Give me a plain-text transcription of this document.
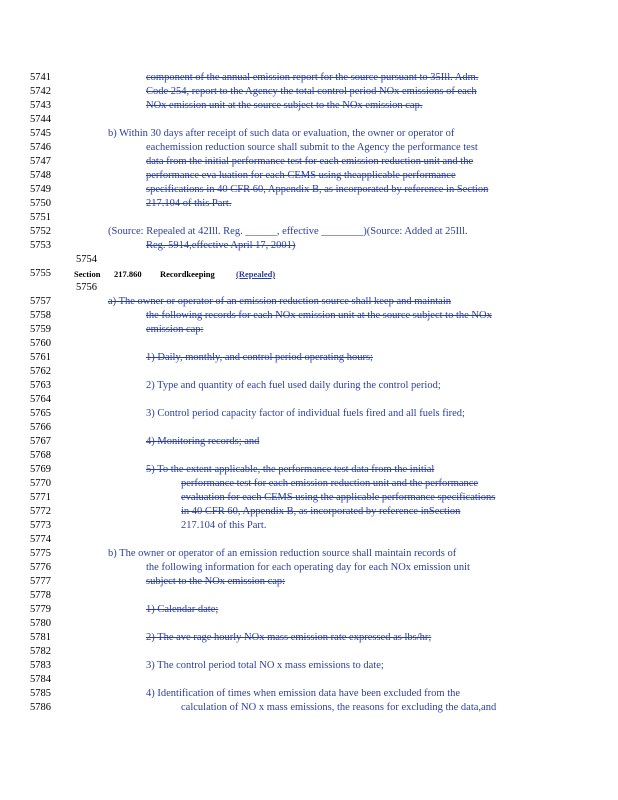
5741	component of the annual emission report for the source pursuant to 35Ill. Adm.
5742	Code 254, report to the Agency the total control period NOx emissions of each
5743	NOx emission unit at the source subject to the NOx emission cap.
5744
5745	b) Within 30 days after receipt of such data or evaluation, the owner or operator of
5746	eachemission reduction source shall submit to the Agency the performance test
5747	data from the initial performance test for each emission reduction unit and the
5748	performance eva luation for each CEMS using theapplicable performance
5749	specifications in 40 CFR 60, Appendix B, as incorporated by reference in Section
5750	217.104 of this Part.
5751
5752	(Source: Repealed at 42Ill. Reg. ______, effective ________)(Source: Added at 25Ill.
5753	Reg. 5914,effective April 17, 2001)
5757	a) The owner or operator of an emission reduction source shall keep and maintain
5758	the following records for each NOx emission unit at the source subject to the NOx
5759	emission cap:
5760
5761	1) Daily, monthly, and control period operating hours;
5762
5763	2) Type and quantity of each fuel used daily during the control period;
5764
5765	3) Control period capacity factor of individual fuels fired and all fuels fired;
5766
5767	4) Monitoring records; and
5768
5769	5) To the extent applicable, the performance test data from the initial
5770	performance test for each emission reduction unit and the performance
5771	evaluation for each CEMS using the applicable performance specifications
5772	in 40 CFR 60, Appendix B, as incorporated by reference inSection
5773	217.104 of this Part.
5774
5775	b) The owner or operator of an emission reduction source shall maintain records of
5776	the following information for each operating day for each NOx emission unit
5777	subject to the NOx emission cap:
5778
5779	1) Calendar date;
5780
5781	2) The ave rage hourly NOx mass emission rate expressed as lbs/hr;
5782
5783	3) The control period total NO x mass emissions to date;
5784
5785	4) Identification of times when emission data have been excluded from the
5786	calculation of NO x mass emissions, the reasons for excluding the data,and
5754
5755
5756
Section 217.860 Recordkeeping (Repealed)
